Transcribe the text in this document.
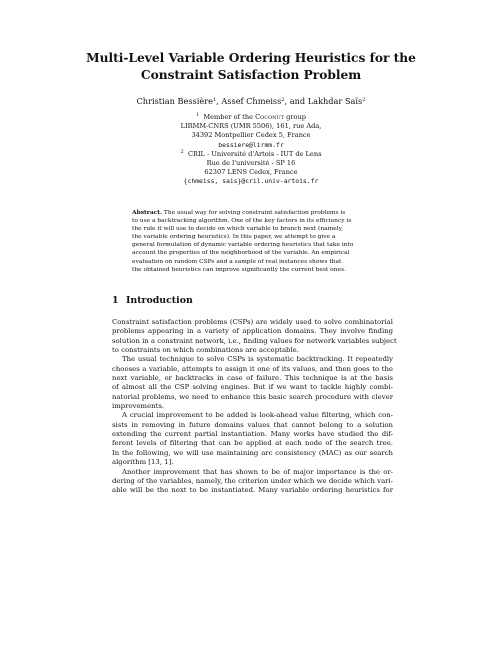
Multi-Level Variable Ordering Heuristics for the
Constraint Satisfaction Problem
Christian Bessière$^1$, Assef Chmeiss$^2$, and Lakhdar Saïs$^2$
$^1$ Member of the Coconut group
LIRMM-CNRS (UMR 5506), 161, rue Ada,
34392 Montpellier Cedex 5, France
bessiere@lirmm.fr
$^2$ CRIL - Université d'Artois - IUT de Lens
Rue de l'université - SP 16
62307 LENS Cedex, France
{chmeiss, sais}@cril.univ-artois.fr
Abstract. The usual way for solving constraint satisfaction problems is
to use a backtracking algorithm. One of the key factors in its efficiency is
the rule it will use to decide on which variable to branch next (namely,
the variable ordering heuristics). In this paper, we attempt to give a
general formulation of dynamic variable ordering heuristics that take into
account the properties of the neighborhood of the variable. An empirical
evaluation on random CSPs and a sample of real instances shows that
the obtained heuristics can improve significantly the current best ones.
1 Introduction
Constraint satisfaction problems (CSPs) are widely used to solve combinatorial
problems appearing in a variety of application domains. They involve finding
solution in a constraint network, i.e., finding values for network variables subject
to constraints on which combinations are acceptable.
The usual technique to solve CSPs is systematic backtracking. It repeatedly
chooses a variable, attempts to assign it one of its values, and then goes to the
next variable, or backtracks in case of failure. This technique is at the basis
of almost all the CSP solving engines. But if we want to tackle highly combi-
natorial problems, we need to enhance this basic search procedure with clever
improvements.
A crucial improvement to be added is look-ahead value filtering, which con-
sists in removing in future domains values that cannot belong to a solution
extending the current partial instantiation. Many works have studied the dif-
ferent levels of filtering that can be applied at each node of the search tree.
In the following, we will use maintaining arc consistency (MAC) as our search
algorithm [13, 1].
Another improvement that has shown to be of major importance is the or-
dering of the variables, namely, the criterion under which we decide which vari-
able will be the next to be instantiated. Many variable ordering heuristics for
